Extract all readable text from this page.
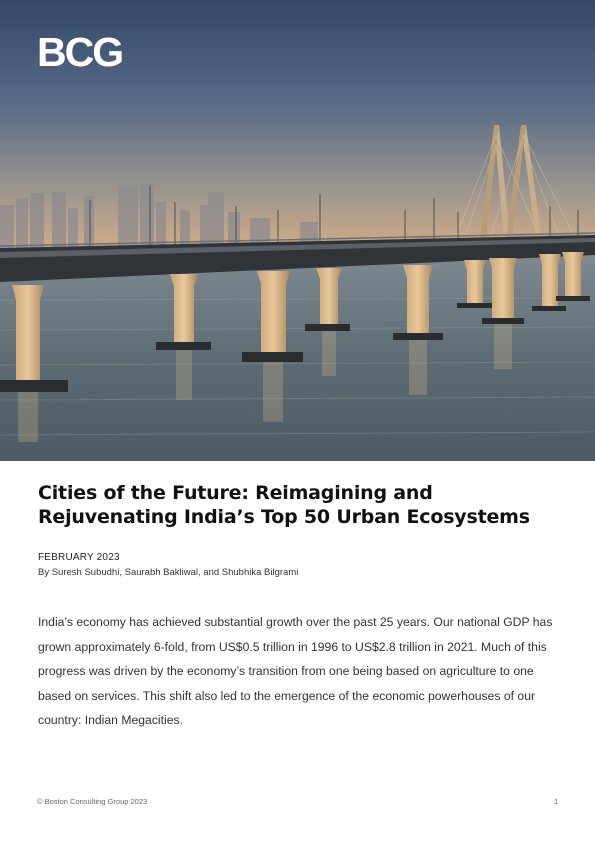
BCG
Cities of the Future: Reimagining and Rejuvenating India’s Top 50 Urban Ecosystems
FEBRUARY 2023
By Suresh Subudhi, Saurabh Bakliwal, and Shubhika Bilgrami

India’s economy has achieved substantial growth over the past 25 years. Our national GDP has grown approximately 6-fold, from US$0.5 trillion in 1996 to US$2.8 trillion in 2021. Much of this progress was driven by the economy’s transition from one being based on agriculture to one based on services. This shift also led to the emergence of the economic powerhouses of our country: Indian Megacities.

© Boston Consulting Group 2023	1
